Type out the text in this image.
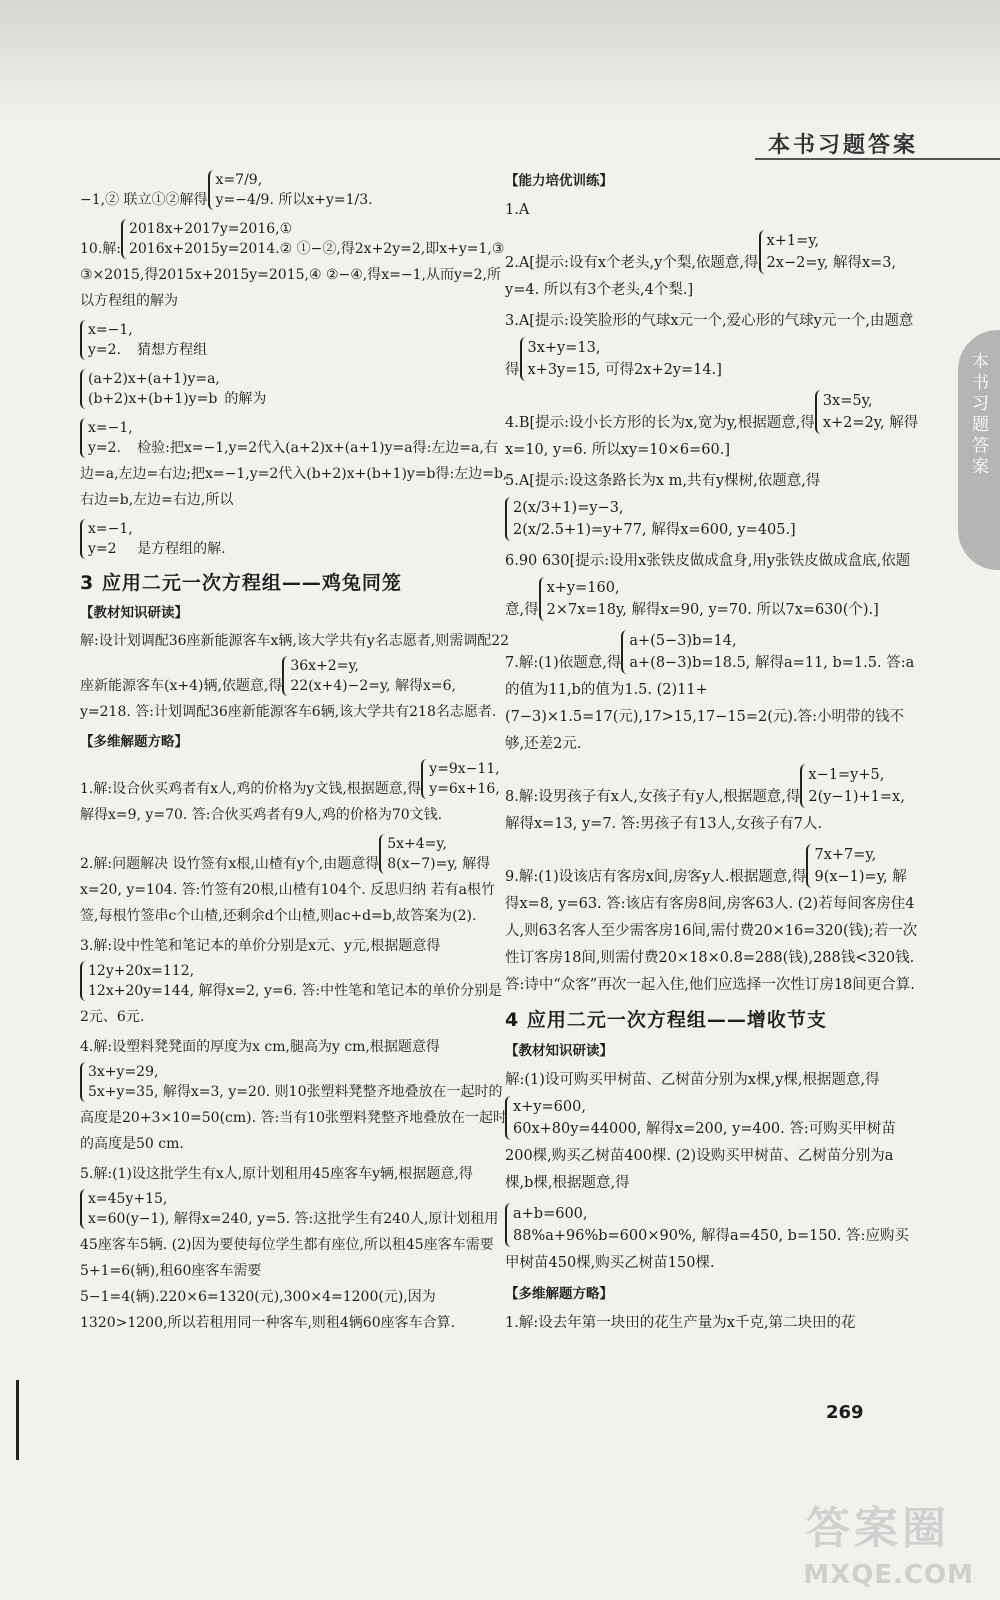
本书习题答案
本书习题答案
−1,② 联立①②解得
x=7/9,
y=−4/9. 所以x+y=1/3.
10.解:
2018x+2017y=2016,①
2016x+2015y=2014.② ①−②,得2x+2y=2,即x+y=1,③ ③×2015,得2015x+2015y=2015,④ ②−④,得x=−1,从而y=2,所以方程组的解为
x=−1,
y=2. 猜想方程组
(a+2)x+(a+1)y=a,
(b+2)x+(b+1)y=b 的解为
x=−1,
y=2. 检验:把x=−1,y=2代入(a+2)x+(a+1)y=a得:左边=a,右边=a,左边=右边;把x=−1,y=2代入(b+2)x+(b+1)y=b得:左边=b,右边=b,左边=右边,所以
x=−1,
y=2	是方程组的解.
3 应用二元一次方程组——鸡兔同笼
【教材知识研读】
解:设计划调配36座新能源客车x辆,该大学共有y名志愿者,则需调配22座新能源客车(x+4)辆,依题意,得
36x+2=y,
22(x+4)−2=y, 解得x=6, y=218. 答:计划调配36座新能源客车6辆,该大学共有218名志愿者.
【多维解题方略】
1.解:设合伙买鸡者有x人,鸡的价格为y文钱,根据题意,得
y=9x−11,
y=6x+16,
解得x=9, y=70. 答:合伙买鸡者有9人,鸡的价格为70文钱.
2.解:问题解决 设竹签有x根,山楂有y个,由题意得
5x+4=y,
8(x−7)=y, 解得x=20, y=104. 答:竹签有20根,山楂有104个. 反思归纳 若有a根竹签,每根竹签串c个山楂,还剩余d个山楂,则ac+d=b,故答案为(2).
3.解:设中性笔和笔记本的单价分别是x元、y元,根据题意得
12y+20x=112,
12x+20y=144, 解得x=2, y=6. 答:中性笔和笔记本的单价分别是2元、6元.
4.解:设塑料凳凳面的厚度为x cm,腿高为y cm,根据题意得
3x+y=29,
5x+y=35, 解得x=3, y=20. 则10张塑料凳整齐地叠放在一起时的高度是20+3×10=50(cm). 答:当有10张塑料凳整齐地叠放在一起时的高度是50 cm.
5.解:(1)设这批学生有x人,原计划租用45座客车y辆,根据题意,得
x=45y+15,
x=60(y−1), 解得x=240, y=5. 答:这批学生有240人,原计划租用45座客车5辆. (2)因为要使每位学生都有座位,所以租45座客车需要5+1=6(辆),租60座客车需要5−1=4(辆).220×6=1320(元),300×4=1200(元),因为1320>1200,所以若租用同一种客车,则租4辆60座客车合算.
【能力培优训练】
1.A
2.A[提示:设有x个老头,y个梨,依题意,得
x+1=y,
2x−2=y, 解得x=3, y=4. 所以有3个老头,4个梨.]
3.A[提示:设笑脸形的气球x元一个,爱心形的气球y元一个,由题意得
3x+y=13,
x+3y=15, 可得2x+2y=14.]
4.B[提示:设小长方形的长为x,宽为y,根据题意,得
3x=5y,
x+2=2y, 解得x=10, y=6. 所以xy=10×6=60.]
5.A[提示:设这条路长为x m,共有y棵树,依题意,得
2(x/3+1)=y−3,
2(x/2.5+1)=y+77, 解得x=600, y=405.]
6.90 630[提示:设用x张铁皮做成盒身,用y张铁皮做成盒底,依题意,得
x+y=160,
2×7x=18y, 解得x=90, y=70. 所以7x=630(个).]
7.解:(1)依题意,得
a+(5−3)b=14,
a+(8−3)b=18.5, 解得a=11, b=1.5. 答:a的值为11,b的值为1.5. (2)11+(7−3)×1.5=17(元),17>15,17−15=2(元).答:小明带的钱不够,还差2元.
8.解:设男孩子有x人,女孩子有y人,根据题意,得
x−1=y+5,
2(y−1)+1=x,
解得x=13, y=7. 答:男孩子有13人,女孩子有7人.
9.解:(1)设该店有客房x间,房客y人.根据题意,得
7x+7=y,
9(x−1)=y, 解得x=8, y=63. 答:该店有客房8间,房客63人. (2)若每间客房住4人,则63名客人至少需客房16间,需付费20×16=320(钱);若一次性订客房18间,则需付费20×18×0.8=288(钱),288钱<320钱.答:诗中“众客”再次一起入住,他们应选择一次性订房18间更合算.
4 应用二元一次方程组——增收节支
【教材知识研读】
解:(1)设可购买甲树苗、乙树苗分别为x棵,y棵,根据题意,得
x+y=600,
60x+80y=44000, 解得x=200, y=400. 答:可购买甲树苗200棵,购买乙树苗400棵. (2)设购买甲树苗、乙树苗分别为a棵,b棵,根据题意,得
a+b=600,
88%a+96%b=600×90%, 解得a=450, b=150. 答:应购买甲树苗450棵,购买乙树苗150棵.
【多维解题方略】
1.解:设去年第一块田的花生产量为x千克,第二块田的花
269
答案圈
MXQE.COM
